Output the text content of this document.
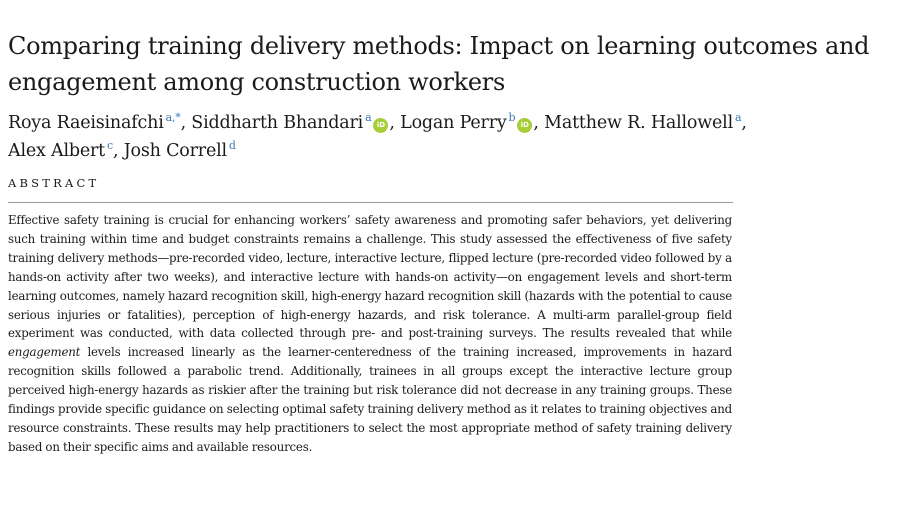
Comparing training delivery methods: Impact on learning outcomes and engagement among construction workers
Roya Raeisinafchi $^{a,*}$, Siddharth Bhandari $^a$iD , Logan Perry $^b$iD , Matthew R. Hallowell $^a$,
Alex Albert $^c$, Josh Correll $^d$
ABSTRACT

Effective safety training is crucial for enhancing workers’ safety awareness and promoting safer behaviors, yet delivering such training within time and budget constraints remains a challenge. This study assessed the effectiveness of five safety training delivery methods—pre-recorded video, lecture, interactive lecture, flipped lecture (pre-recorded video followed by a hands-on activity after two weeks), and interactive lecture with hands-on activity—on engagement levels and short-term learning outcomes, namely hazard recognition skill, high-energy hazard recognition skill (hazards with the potential to cause serious injuries or fatalities), perception of high-energy hazards, and risk tolerance. A multi-arm parallel-group field experiment was conducted, with data collected through pre- and post-training surveys. The results revealed that while engagement levels increased linearly as the learner-centeredness of the training increased, improvements in hazard recognition skills followed a parabolic trend. Additionally, trainees in all groups except the interactive lecture group perceived high-energy hazards as riskier after the training but risk tolerance did not decrease in any training groups. These findings provide specific guidance on selecting optimal safety training delivery method as it relates to training objectives and resource constraints. These results may help practitioners to select the most appropriate method of safety training delivery based on their specific aims and available resources.
